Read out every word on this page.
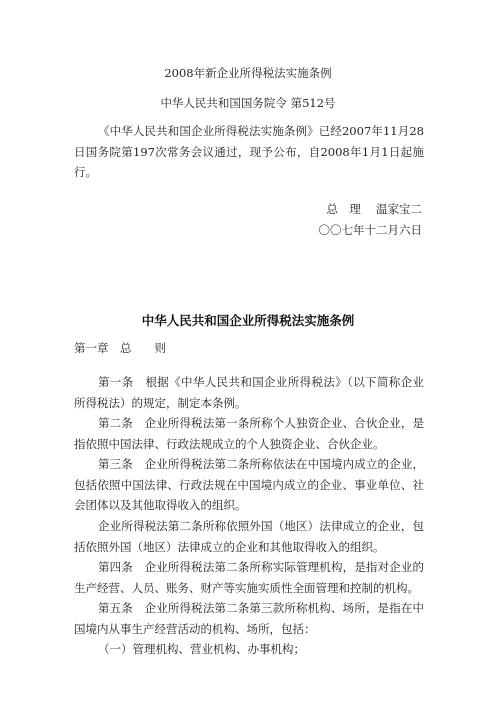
2008年新企业所得税法实施条例
中华人民共和国国务院令 第512号
《中华人民共和国企业所得税法实施条例》已经2007年11月28日国务院第197次常务会议通过，现予公布，自2008年1月1日起施行。
总　理　 温家宝二
〇〇七年十二月六日
中华人民共和国企业所得税法实施条例
第一章　总　　则
第一条　根据《中华人民共和国企业所得税法》（以下简称企业所得税法）的规定，制定本条例。
第二条　企业所得税法第一条所称个人独资企业、合伙企业，是指依照中国法律、行政法规成立的个人独资企业、合伙企业。
第三条　企业所得税法第二条所称依法在中国境内成立的企业，包括依照中国法律、行政法规在中国境内成立的企业、事业单位、社会团体以及其他取得收入的组织。
企业所得税法第二条所称依照外国（地区）法律成立的企业，包括依照外国（地区）法律成立的企业和其他取得收入的组织。
第四条　企业所得税法第二条所称实际管理机构，是指对企业的生产经营、人员、账务、财产等实施实质性全面管理和控制的机构。
第五条　企业所得税法第二条第三款所称机构、场所，是指在中国境内从事生产经营活动的机构、场所，包括：
（一）管理机构、营业机构、办事机构；
